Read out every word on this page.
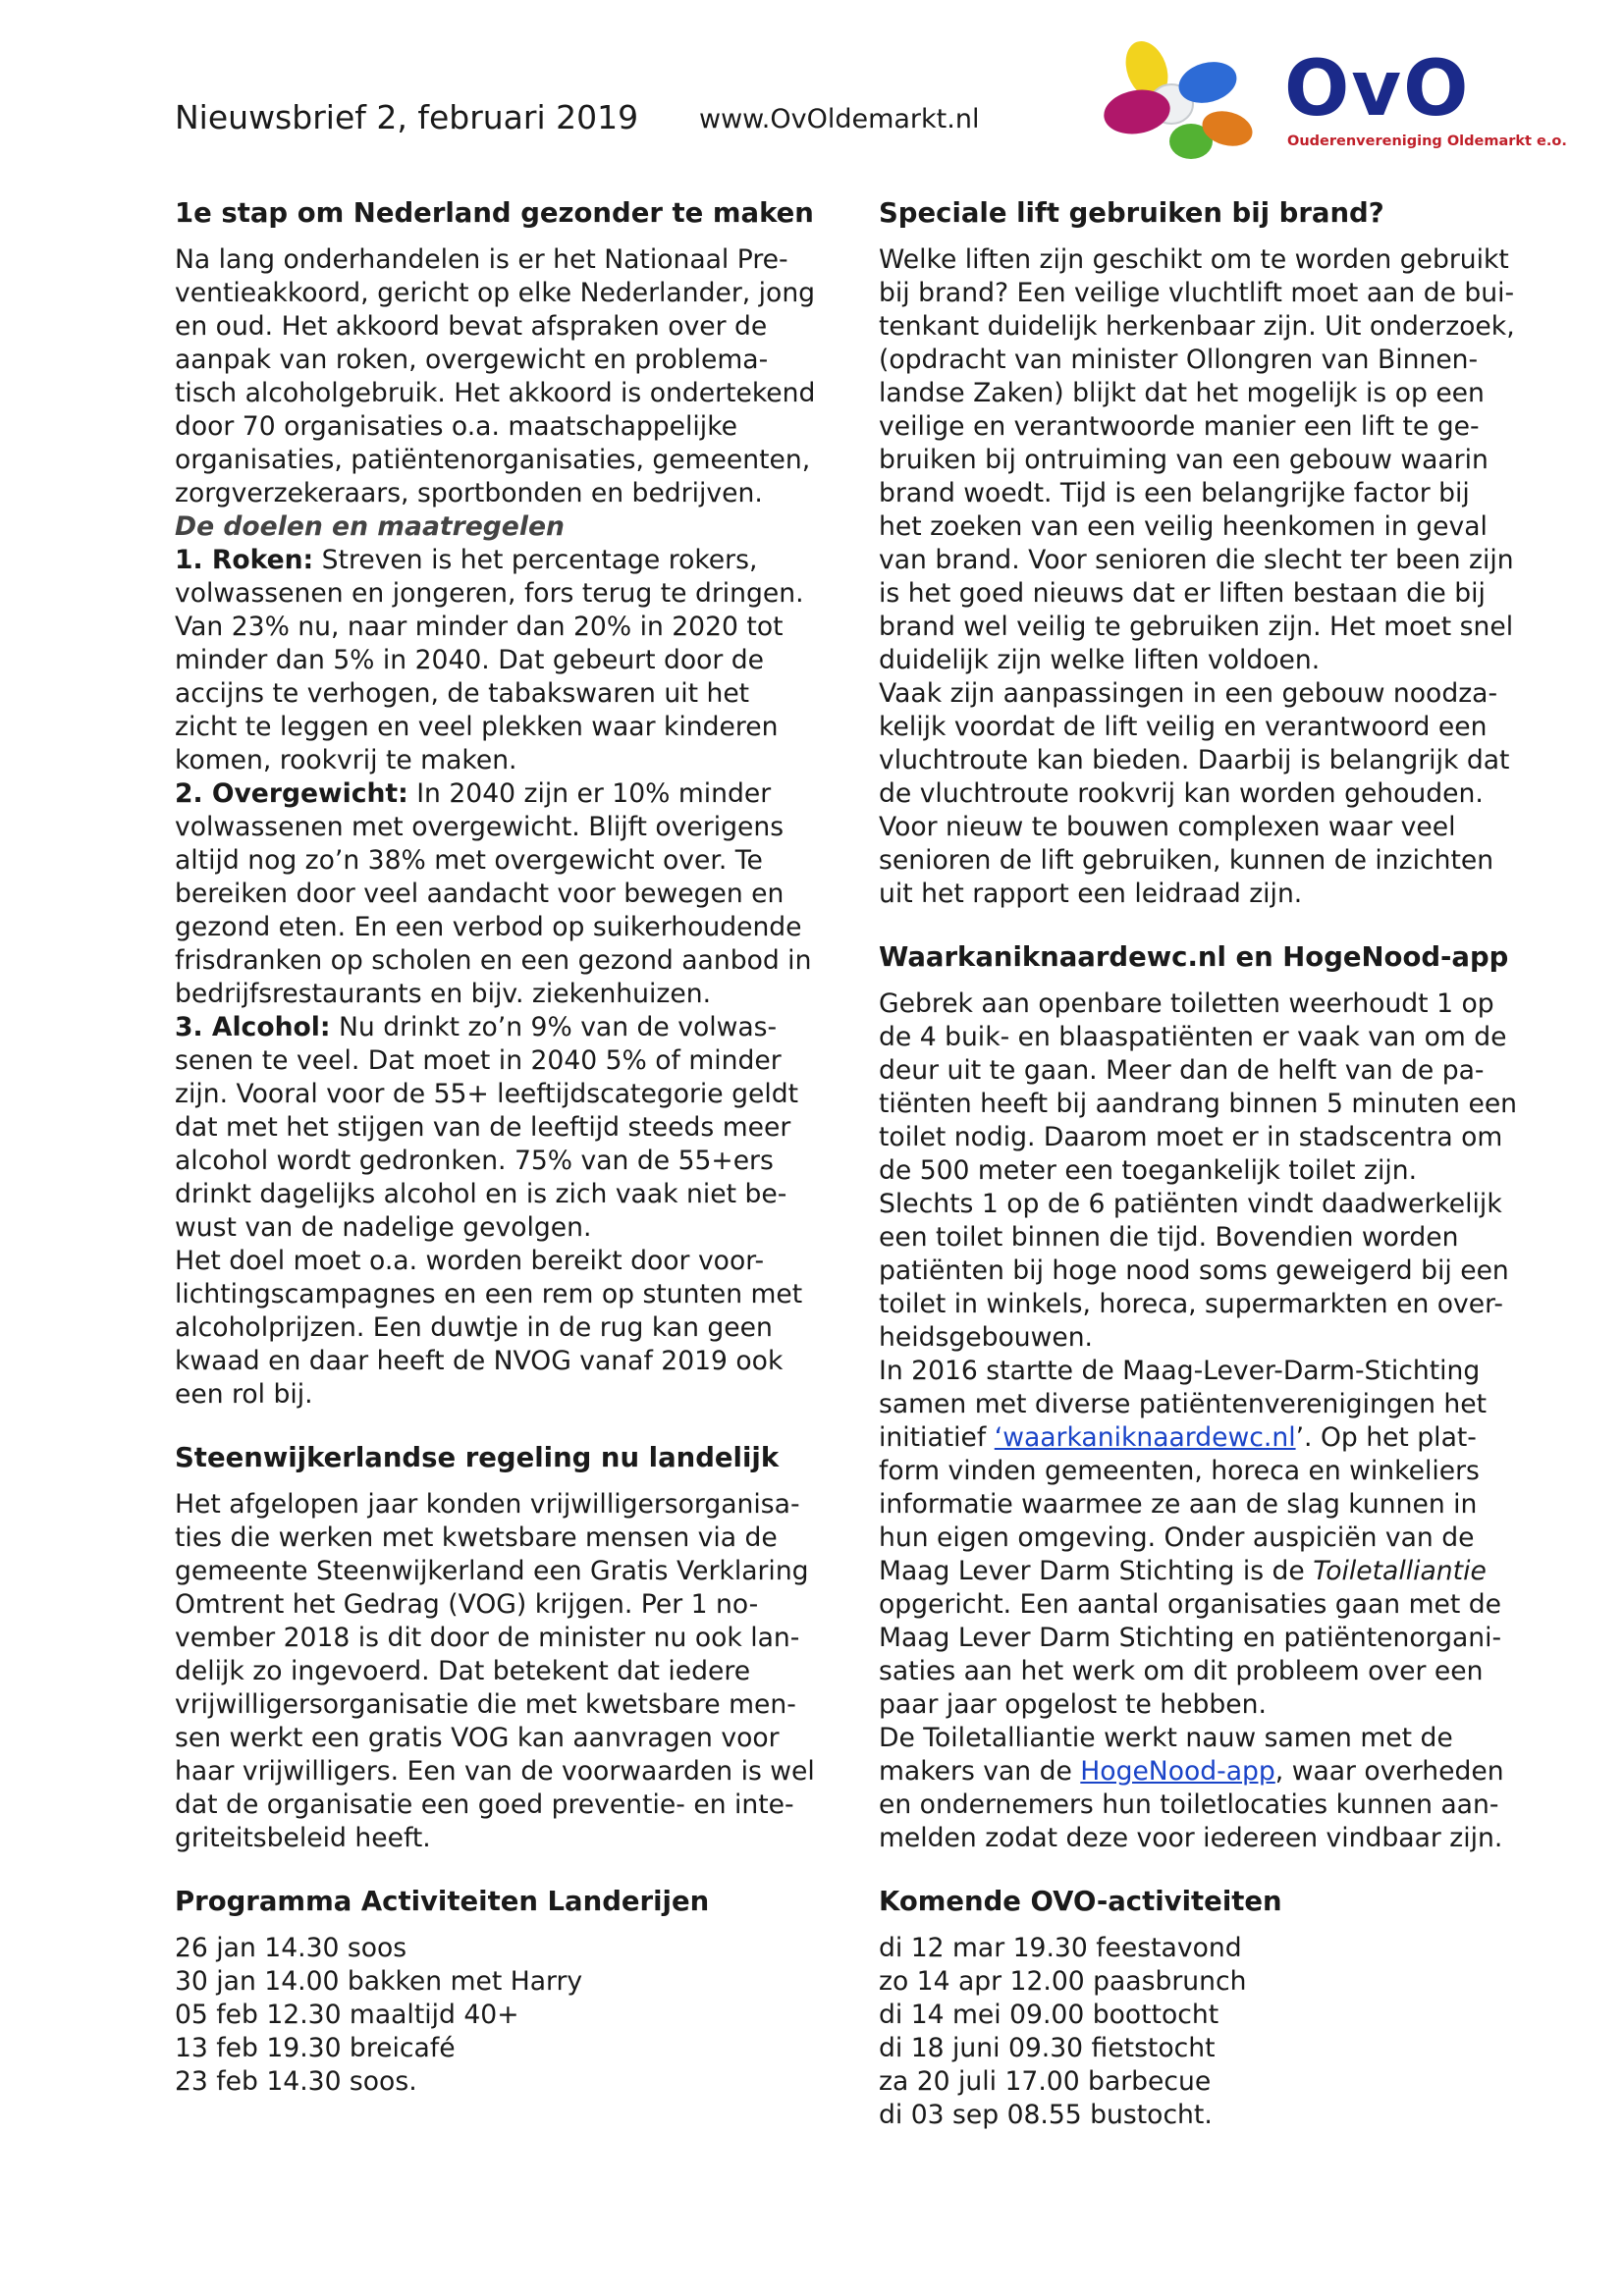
Nieuwsbrief 2, februari 2019 www.OvOldemarkt.nl	OvO
Ouderenvereniging Oldemarkt e.o.
1e stap om Nederland gezonder te maken

Na lang onderhandelen is er het Nationaal Pre-

ventieakkoord, gericht op elke Nederlander, jong

en oud. Het akkoord bevat afspraken over de

aanpak van roken, overgewicht en problema-

tisch alcoholgebruik. Het akkoord is ondertekend

door 70 organisaties o.a. maatschappelijke

organisaties, patiëntenorganisaties, gemeenten,

zorgverzekeraars, sportbonden en bedrijven.

De doelen en maatregelen

1. Roken: Streven is het percentage rokers,

volwassenen en jongeren, fors terug te dringen.

Van 23% nu, naar minder dan 20% in 2020 tot

minder dan 5% in 2040. Dat gebeurt door de

accijns te verhogen, de tabakswaren uit het

zicht te leggen en veel plekken waar kinderen

komen, rookvrij te maken.

2. Overgewicht: In 2040 zijn er 10% minder

volwassenen met overgewicht. Blijft overigens

altijd nog zo’n 38% met overgewicht over. Te

bereiken door veel aandacht voor bewegen en

gezond eten. En een verbod op suikerhoudende

frisdranken op scholen en een gezond aanbod in

bedrijfsrestaurants en bijv. ziekenhuizen.

3. Alcohol: Nu drinkt zo’n 9% van de volwas-

senen te veel. Dat moet in 2040 5% of minder

zijn. Vooral voor de 55+ leeftijdscategorie geldt

dat met het stijgen van de leeftijd steeds meer

alcohol wordt gedronken. 75% van de 55+ers

drinkt dagelijks alcohol en is zich vaak niet be-

wust van de nadelige gevolgen.

Het doel moet o.a. worden bereikt door voor-

lichtingscampagnes en een rem op stunten met

alcoholprijzen. Een duwtje in de rug kan geen

kwaad en daar heeft de NVOG vanaf 2019 ook

een rol bij.

Steenwijkerlandse regeling nu landelijk

Het afgelopen jaar konden vrijwilligersorganisa-

ties die werken met kwetsbare mensen via de

gemeente Steenwijkerland een Gratis Verklaring

Omtrent het Gedrag (VOG) krijgen. Per 1 no-

vember 2018 is dit door de minister nu ook lan-

delijk zo ingevoerd. Dat betekent dat iedere

vrijwilligersorganisatie die met kwetsbare men-

sen werkt een gratis VOG kan aanvragen voor

haar vrijwilligers. Een van de voorwaarden is wel

dat de organisatie een goed preventie- en inte-

griteitsbeleid heeft.

Programma Activiteiten Landerijen

26 jan 14.30 soos

30 jan 14.00 bakken met Harry

05 feb 12.30 maaltijd 40+

13 feb 19.30 breicafé

23 feb 14.30 soos.

Speciale lift gebruiken bij brand?

Welke liften zijn geschikt om te worden gebruikt

bij brand? Een veilige vluchtlift moet aan de bui-

tenkant duidelijk herkenbaar zijn. Uit onderzoek,

(opdracht van minister Ollongren van Binnen-

landse Zaken) blijkt dat het mogelijk is op een

veilige en verantwoorde manier een lift te ge-

bruiken bij ontruiming van een gebouw waarin

brand woedt. Tijd is een belangrijke factor bij

het zoeken van een veilig heenkomen in geval

van brand. Voor senioren die slecht ter been zijn

is het goed nieuws dat er liften bestaan die bij

brand wel veilig te gebruiken zijn. Het moet snel

duidelijk zijn welke liften voldoen.

Vaak zijn aanpassingen in een gebouw noodza-

kelijk voordat de lift veilig en verantwoord een

vluchtroute kan bieden. Daarbij is belangrijk dat

de vluchtroute rookvrij kan worden gehouden.

Voor nieuw te bouwen complexen waar veel

senioren de lift gebruiken, kunnen de inzichten

uit het rapport een leidraad zijn.

Waarkaniknaardewc.nl en HogeNood-app

Gebrek aan openbare toiletten weerhoudt 1 op

de 4 buik- en blaaspatiënten er vaak van om de

deur uit te gaan. Meer dan de helft van de pa-

tiënten heeft bij aandrang binnen 5 minuten een

toilet nodig. Daarom moet er in stadscentra om

de 500 meter een toegankelijk toilet zijn.

Slechts 1 op de 6 patiënten vindt daadwerkelijk

een toilet binnen die tijd. Bovendien worden

patiënten bij hoge nood soms geweigerd bij een

toilet in winkels, horeca, supermarkten en over-

heidsgebouwen.

In 2016 startte de Maag-Lever-Darm-Stichting

samen met diverse patiëntenverenigingen het

initiatief ‘waarkaniknaardewc.nl’. Op het plat-

form vinden gemeenten, horeca en winkeliers

informatie waarmee ze aan de slag kunnen in

hun eigen omgeving. Onder auspiciën van de

Maag Lever Darm Stichting is de Toiletalliantie

opgericht. Een aantal organisaties gaan met de

Maag Lever Darm Stichting en patiëntenorgani-

saties aan het werk om dit probleem over een

paar jaar opgelost te hebben.

De Toiletalliantie werkt nauw samen met de

makers van de HogeNood-app, waar overheden

en ondernemers hun toiletlocaties kunnen aan-

melden zodat deze voor iedereen vindbaar zijn.

Komende OVO-activiteiten

di 12 mar 19.30 feestavond

zo 14 apr 12.00 paasbrunch

di 14 mei 09.00 boottocht

di 18 juni 09.30 fietstocht

za 20 juli 17.00 barbecue

di 03 sep 08.55 bustocht.
